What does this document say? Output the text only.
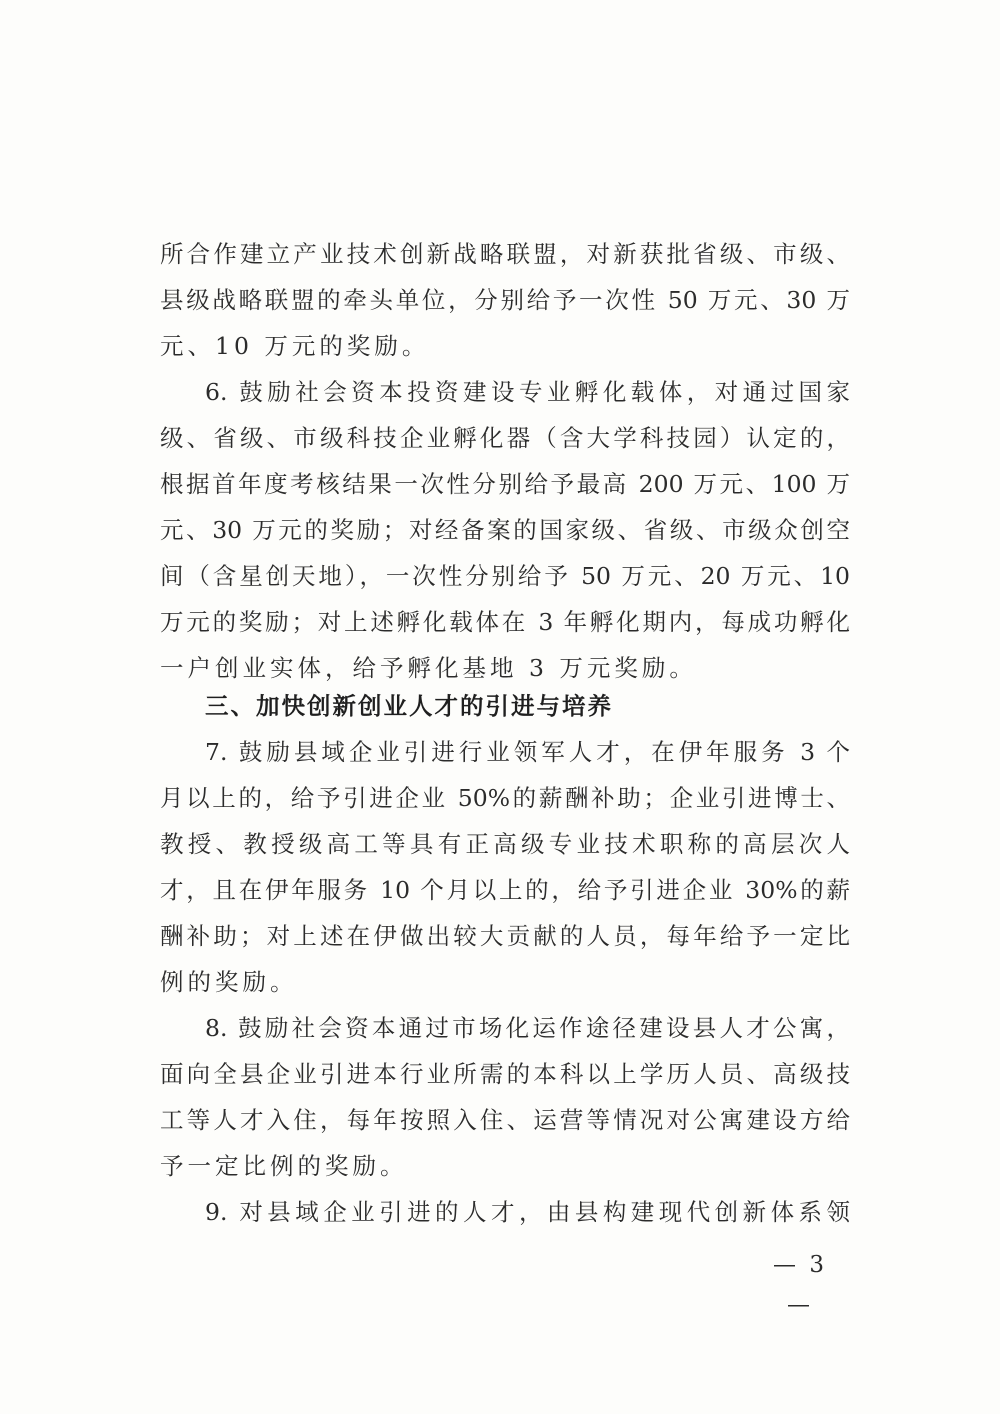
所合作建立产业技术创新战略联盟，对新获批省级、市级、
县级战略联盟的牵头单位，分别给予一次性 50 万元、30 万
元、10 万元的奖励。
6. 鼓励社会资本投资建设专业孵化载体，对通过国家
级、省级、市级科技企业孵化器（含大学科技园）认定的，
根据首年度考核结果一次性分别给予最高 200 万元、100 万
元、30 万元的奖励；对经备案的国家级、省级、市级众创空
间（含星创天地），一次性分别给予 50 万元、20 万元、10
万元的奖励；对上述孵化载体在 3 年孵化期内，每成功孵化
一户创业实体，给予孵化基地 3 万元奖励。
三、加快创新创业人才的引进与培养
7. 鼓励县域企业引进行业领军人才，在伊年服务 3 个
月以上的，给予引进企业 50%的薪酬补助；企业引进博士、
教授、教授级高工等具有正高级专业技术职称的高层次人
才，且在伊年服务 10 个月以上的，给予引进企业 30%的薪
酬补助；对上述在伊做出较大贡献的人员，每年给予一定比
例的奖励。
8. 鼓励社会资本通过市场化运作途径建设县人才公寓，
面向全县企业引进本行业所需的本科以上学历人员、高级技
工等人才入住，每年按照入住、运营等情况对公寓建设方给
予一定比例的奖励。
9. 对县域企业引进的人才，由县构建现代创新体系领
— 3 —
